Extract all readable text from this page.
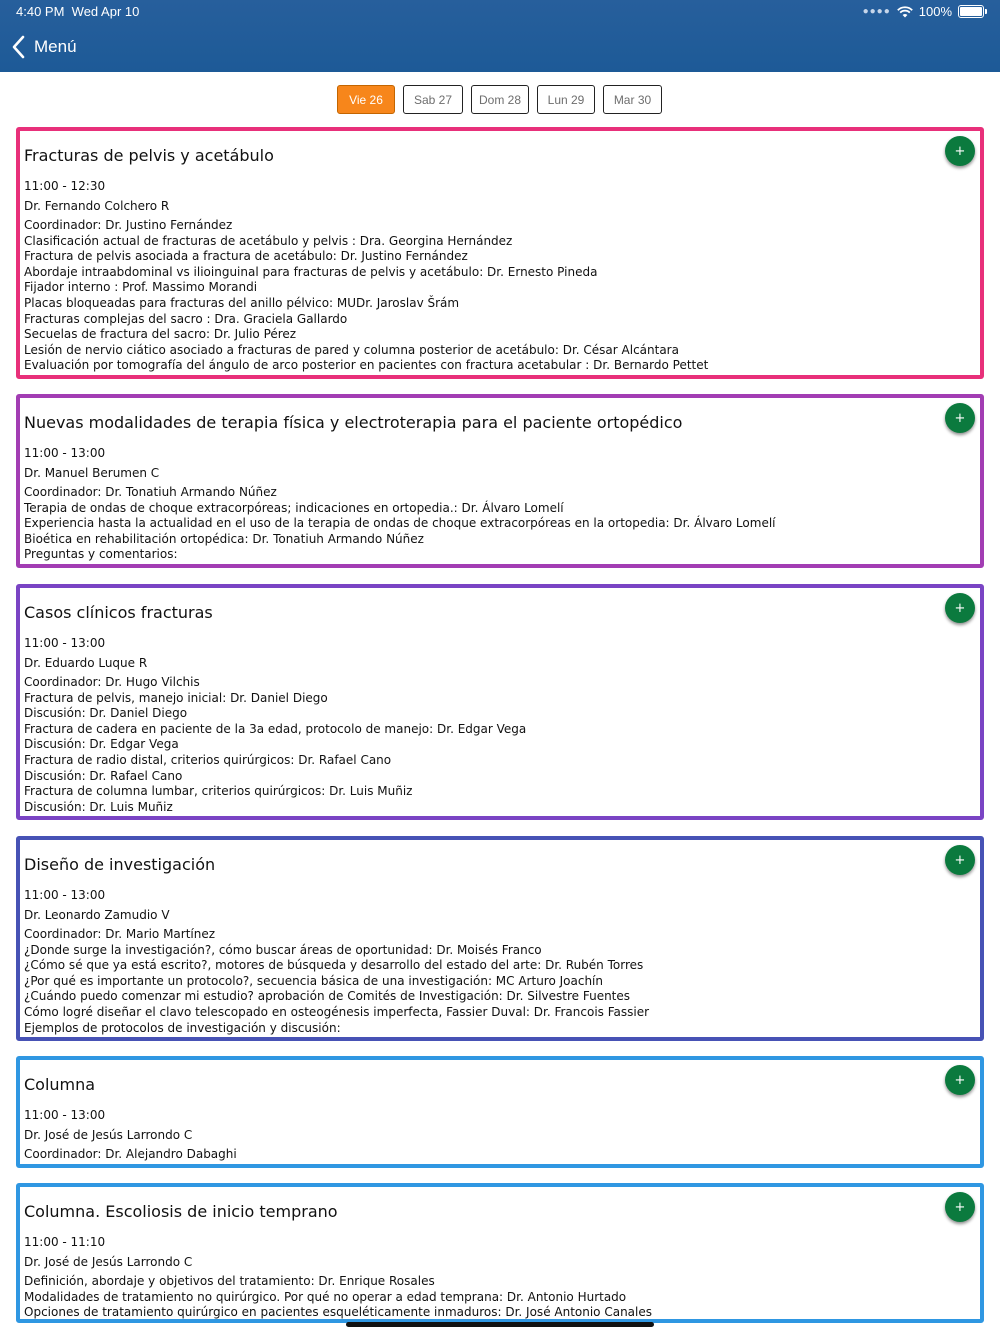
4:40 PM Wed Apr 10	●●●● 100%
Menú
Vie 26	Sab 27	Dom 28	Lun 29	Mar 30
Fracturas de pelvis y acetábulo
11:00 - 12:30
Dr. Fernando Colchero R
Coordinador: Dr. Justino Fernández
Clasificación actual de fracturas de acetábulo y pelvis : Dra. Georgina Hernández
Fractura de pelvis asociada a fractura de acetábulo: Dr. Justino Fernández
Abordaje intraabdominal vs ilioinguinal para fracturas de pelvis y acetábulo: Dr. Ernesto Pineda
Fijador interno : Prof. Massimo Morandi
Placas bloqueadas para fracturas del anillo pélvico: MUDr. Jaroslav Šrám
Fracturas complejas del sacro : Dra. Graciela Gallardo
Secuelas de fractura del sacro: Dr. Julio Pérez
Lesión de nervio ciático asociado a fracturas de pared y columna posterior de acetábulo: Dr. César Alcántara
Evaluación por tomografía del ángulo de arco posterior en pacientes con fractura acetabular : Dr. Bernardo Pettet
+
Nuevas modalidades de terapia física y electroterapia para el paciente ortopédico
11:00 - 13:00
Dr. Manuel Berumen C
Coordinador: Dr. Tonatiuh Armando Núñez
Terapia de ondas de choque extracorpóreas; indicaciones en ortopedia.: Dr. Álvaro Lomelí
Experiencia hasta la actualidad en el uso de la terapia de ondas de choque extracorpóreas en la ortopedia: Dr. Álvaro Lomelí
Bioética en rehabilitación ortopédica: Dr. Tonatiuh Armando Núñez
Preguntas y comentarios:
+
Casos clínicos fracturas
11:00 - 13:00
Dr. Eduardo Luque R
Coordinador: Dr. Hugo Vilchis
Fractura de pelvis, manejo inicial: Dr. Daniel Diego
Discusión: Dr. Daniel Diego
Fractura de cadera en paciente de la 3a edad, protocolo de manejo: Dr. Edgar Vega
Discusión: Dr. Edgar Vega
Fractura de radio distal, criterios quirúrgicos: Dr. Rafael Cano
Discusión: Dr. Rafael Cano
Fractura de columna lumbar, criterios quirúrgicos: Dr. Luis Muñiz
Discusión: Dr. Luis Muñiz
+
Diseño de investigación
11:00 - 13:00
Dr. Leonardo Zamudio V
Coordinador: Dr. Mario Martínez
¿Donde surge la investigación?, cómo buscar áreas de oportunidad: Dr. Moisés Franco
¿Cómo sé que ya está escrito?, motores de búsqueda y desarrollo del estado del arte: Dr. Rubén Torres
¿Por qué es importante un protocolo?, secuencia básica de una investigación: MC Arturo Joachín
¿Cuándo puedo comenzar mi estudio? aprobación de Comités de Investigación: Dr. Silvestre Fuentes
Cómo logré diseñar el clavo telescopado en osteogénesis imperfecta, Fassier Duval: Dr. Francois Fassier
Ejemplos de protocolos de investigación y discusión:
+
Columna
11:00 - 13:00
Dr. José de Jesús Larrondo C
Coordinador: Dr. Alejandro Dabaghi
+
Columna. Escoliosis de inicio temprano
11:00 - 11:10
Dr. José de Jesús Larrondo C
Definición, abordaje y objetivos del tratamiento: Dr. Enrique Rosales
Modalidades de tratamiento no quirúrgico. Por qué no operar a edad temprana: Dr. Antonio Hurtado
Opciones de tratamiento quirúrgico en pacientes esqueléticamente inmaduros: Dr. José Antonio Canales
+
